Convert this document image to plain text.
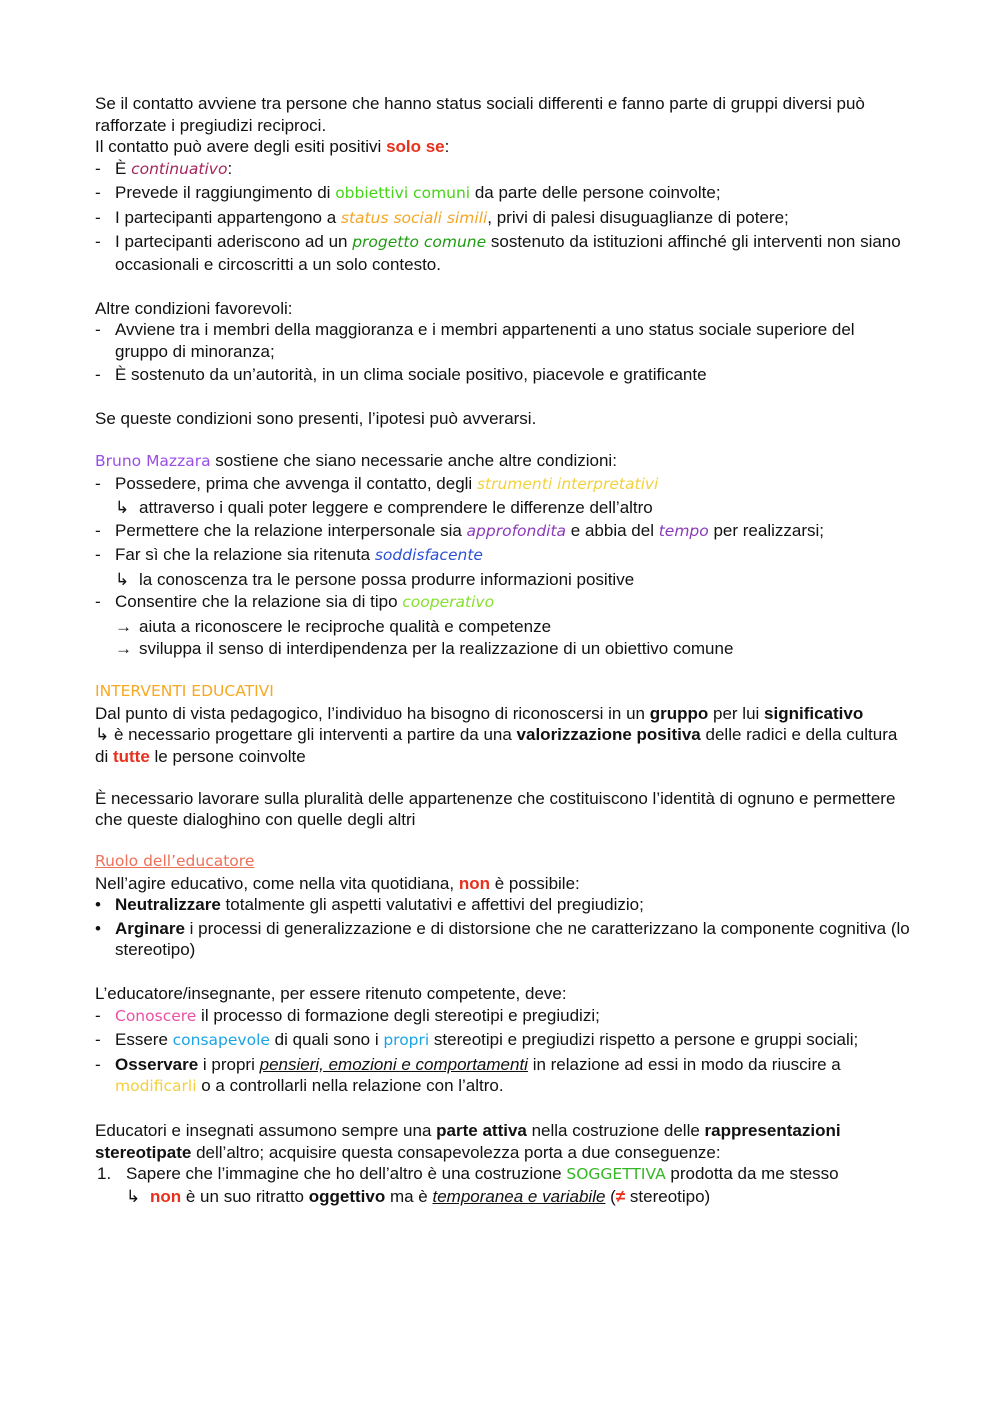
Se il contatto avviene tra persone che hanno status sociali differenti e fanno parte di gruppi diversi può rafforzate i pregiudizi reciproci.

Il contatto può avere degli esiti positivi solo se:

- È continuativo:
- Prevede il raggiungimento di obbiettivi comuni da parte delle persone coinvolte;
- I partecipanti appartengono a status sociali simili, privi di palesi disuguaglianze di potere;
- I partecipanti aderiscono ad un progetto comune sostenuto da istituzioni affinché gli interventi non siano occasionali e circoscritti a un solo contesto.

Altre condizioni favorevoli:

- Avviene tra i membri della maggioranza e i membri appartenenti a uno status sociale superiore del gruppo di minoranza;
- È sostenuto da un’autorità, in un clima sociale positivo, piacevole e gratificante

Se queste condizioni sono presenti, l’ipotesi può avverarsi.

Bruno Mazzara sostiene che siano necessarie anche altre condizioni:

- Possedere, prima che avvenga il contatto, degli strumenti interpretativi
↳ attraverso i quali poter leggere e comprendere le differenze dell’altro
- Permettere che la relazione interpersonale sia approfondita e abbia del tempo per realizzarsi;
- Far sì che la relazione sia ritenuta soddisfacente
↳ la conoscenza tra le persone possa produrre informazioni positive
- Consentire che la relazione sia di tipo cooperativo
→ aiuta a riconoscere le reciproche qualità e competenze
→ sviluppa il senso di interdipendenza per la realizzazione di un obiettivo comune

INTERVENTI EDUCATIVI

Dal punto di vista pedagogico, l’individuo ha bisogno di riconoscersi in un gruppo per lui significativo

↳ è necessario progettare gli interventi a partire da una valorizzazione positiva delle radici e della cultura di tutte le persone coinvolte

È necessario lavorare sulla pluralità delle appartenenze che costituiscono l’identità di ognuno e permettere che queste dialoghino con quelle degli altri

Ruolo dell’educatore

Nell’agire educativo, come nella vita quotidiana, non è possibile:

• Neutralizzare totalmente gli aspetti valutativi e affettivi del pregiudizio;
• Arginare i processi di generalizzazione e di distorsione che ne caratterizzano la componente cognitiva (lo stereotipo)

L’educatore/insegnante, per essere ritenuto competente, deve:

- Conoscere il processo di formazione degli stereotipi e pregiudizi;
- Essere consapevole di quali sono i propri stereotipi e pregiudizi rispetto a persone e gruppi sociali;
- Osservare i propri pensieri, emozioni e comportamenti in relazione ad essi in modo da riuscire a modificarli o a controllarli nella relazione con l’altro.

Educatori e insegnati assumono sempre una parte attiva nella costruzione delle rappresentazioni stereotipate dell’altro; acquisire questa consapevolezza porta a due conseguenze:

1. Sapere che l’immagine che ho dell’altro è una costruzione SOGGETTIVA prodotta da me stesso
↳ non è un suo ritratto oggettivo ma è temporanea e variabile (≠ stereotipo)
